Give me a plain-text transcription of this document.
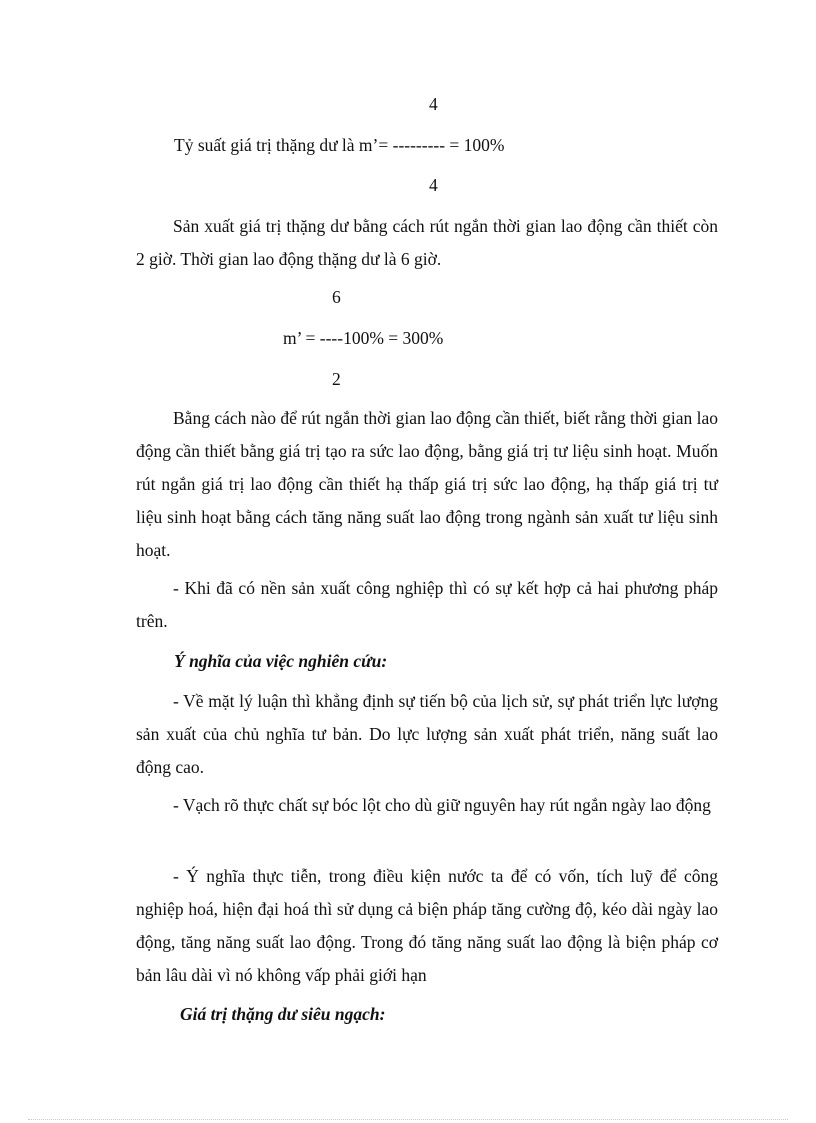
4
Tỷ suất giá trị thặng dư là m’= --------- = 100%
4
Sản xuất giá trị thặng dư bằng cách rút ngắn thời gian lao động cần thiết còn 2 giờ. Thời gian lao động thặng dư là 6 giờ.
6
m’ = ----100% = 300%
2
Bằng cách nào để rút ngắn thời gian lao động cần thiết, biết rằng thời gian lao động cần thiết bằng giá trị tạo ra sức lao động, bằng giá trị tư liệu sinh hoạt. Muốn rút ngắn giá trị lao động cần thiết hạ thấp giá trị sức lao động, hạ thấp giá trị tư liệu sinh hoạt bằng cách tăng năng suất lao động trong ngành sản xuất tư liệu sinh hoạt.
- Khi đã có nền sản xuất công nghiệp thì có sự kết hợp cả hai phương pháp trên.
Ý nghĩa của việc nghiên cứu:
- Về mặt lý luận thì khẳng định sự tiến bộ của lịch sử, sự phát triển lực lượng sản xuất của chủ nghĩa tư bản. Do lực lượng sản xuất phát triển, năng suất lao động cao.
- Vạch rõ thực chất sự bóc lột cho dù giữ nguyên hay rút ngắn ngày lao động
- Ý nghĩa thực tiễn, trong điều kiện nước ta để có vốn, tích luỹ để công nghiệp hoá, hiện đại hoá thì sử dụng cả biện pháp tăng cường độ, kéo dài ngày lao động, tăng năng suất lao động. Trong đó tăng năng suất lao động là biện pháp cơ bản lâu dài vì nó không vấp phải giới hạn
Giá trị thặng dư siêu ngạch:
